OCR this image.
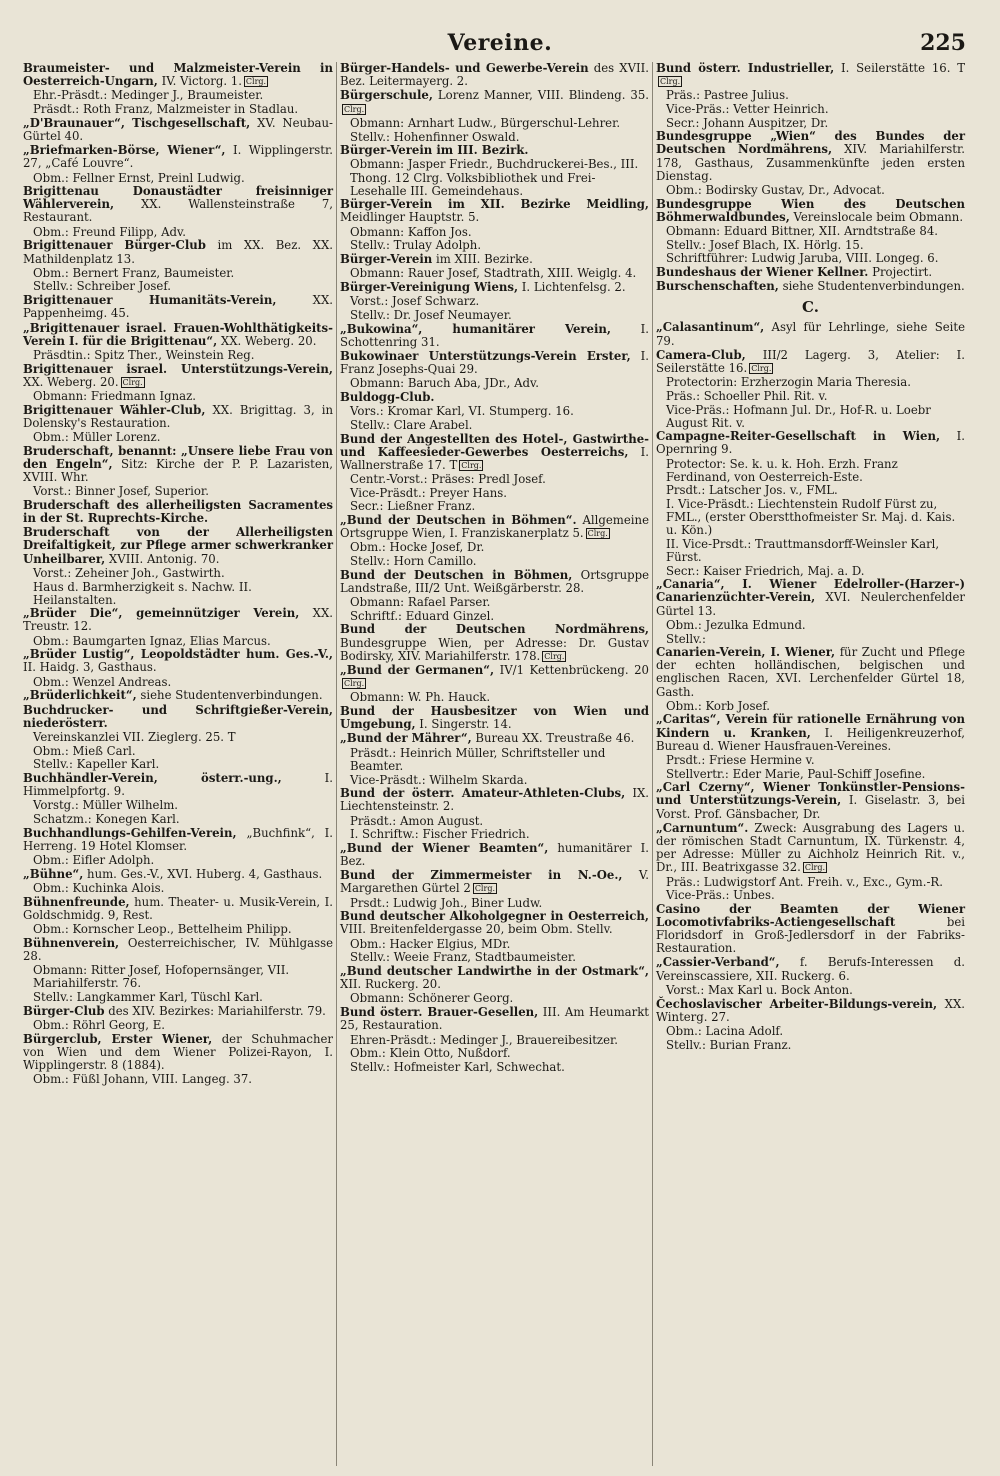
Vereine.	225
Braumeister- und Malzmeister-Verein in Oesterreich-Ungarn, IV. Victorg. 1. Clrg.
Ehr.-Präsdt.: Medinger J., Braumeister.
Präsdt.: Roth Franz, Malzmeister in Stadlau.
„D'Braunauer“, Tischgesellschaft, XV. Neubau-Gürtel 40.
„Briefmarken-Börse, Wiener“, I. Wipplingerstr. 27, „Café Louvre“.
Obm.: Fellner Ernst, Preinl Ludwig.
Brigittenau Donaustädter freisinniger Wählerverein, XX. Wallensteinstraße 7, Restaurant.
Obm.: Freund Filipp, Adv.
Brigittenauer Bürger-Club im XX. Bez. XX. Mathildenplatz 13.
Obm.: Bernert Franz, Baumeister.
Stellv.: Schreiber Josef.
Brigittenauer Humanitäts-Verein, XX. Pappenheimg. 45.
„Brigittenauer israel. Frauen-Wohlthätigkeits-Verein I. für die Brigittenau“, XX. Weberg. 20.
Präsdtin.: Spitz Ther., Weinstein Reg.
Brigittenauer israel. Unterstützungs-Verein, XX. Weberg. 20. Clrg.
Obmann: Friedmann Ignaz.
Brigittenauer Wähler-Club, XX. Brigittag. 3, in Dolensky's Restauration.
Obm.: Müller Lorenz.
Bruderschaft, benannt: „Unsere liebe Frau von den Engeln“, Sitz: Kirche der P. P. Lazaristen, XVIII. Whr.
Vorst.: Binner Josef, Superior.
Bruderschaft des allerheiligsten Sacramentes in der St. Ruprechts-Kirche.
Bruderschaft von der Allerheiligsten Dreifaltigkeit, zur Pflege armer schwerkranker Unheilbarer, XVIII. Antonig. 70.
Vorst.: Zeheiner Joh., Gastwirth.
Haus d. Barmherzigkeit s. Nachw. II. Heilanstalten.
„Brüder Die“, gemeinnütziger Verein, XX. Treustr. 12.
Obm.: Baumgarten Ignaz, Elias Marcus.
„Brüder Lustig“, Leopoldstädter hum. Ges.-V., II. Haidg. 3, Gasthaus.
Obm.: Wenzel Andreas.
„Brüderlichkeit“, siehe Studentenverbindungen.
Buchdrucker- und Schriftgießer-Verein, niederösterr.
Vereinskanzlei VII. Zieglerg. 25. T
Obm.: Mieß Carl.
Stellv.: Kapeller Karl.
Buchhändler-Verein, österr.-ung., I. Himmelpfortg. 9.
Vorstg.: Müller Wilhelm.
Schatzm.: Konegen Karl.
Buchhandlungs-Gehilfen-Verein, „Buchfink“, I. Herreng. 19 Hotel Klomser.
Obm.: Eifler Adolph.
„Bühne“, hum. Ges.-V., XVI. Huberg. 4, Gasthaus.
Obm.: Kuchinka Alois.
Bühnenfreunde, hum. Theater- u. Musik-Verein, I. Goldschmidg. 9, Rest.
Obm.: Kornscher Leop., Bettelheim Philipp.
Bühnenverein, Oesterreichischer, IV. Mühlgasse 28.
Obmann: Ritter Josef, Hofopernsänger, VII. Mariahilferstr. 76.
Stellv.: Langkammer Karl, Tüschl Karl.
Bürger-Club des XIV. Bezirkes: Mariahilferstr. 79.
Obm.: Röhrl Georg, E.
Bürgerclub, Erster Wiener, der Schuhmacher von Wien und dem Wiener Polizei-Rayon, I. Wipplingerstr. 8 (1884).
Obm.: Füßl Johann, VIII. Langeg. 37.
Bürger-Handels- und Gewerbe-Verein des XVII. Bez. Leitermayerg. 2.
Bürgerschule, Lorenz Manner, VIII. Blindeng. 35.Clrg.
Obmann: Arnhart Ludw., Bürgerschul-Lehrer.
Stellv.: Hohenfinner Oswald.
Bürger-Verein im III. Bezirk.
Obmann: Jasper Friedr., Buchdruckerei-Bes., III. Thong. 12 Clrg. Volksbibliothek und Frei-Lesehalle III. Gemeindehaus.
Bürger-Verein im XII. Bezirke Meidling, Meidlinger Hauptstr. 5.
Obmann: Kaffon Jos.
Stellv.: Trulay Adolph.
Bürger-Verein im XIII. Bezirke.
Obmann: Rauer Josef, Stadtrath, XIII. Weiglg. 4.
Bürger-Vereinigung Wiens, I. Lichtenfelsg. 2.
Vorst.: Josef Schwarz.
Stellv.: Dr. Josef Neumayer.
„Bukowina“, humanitärer Verein, I. Schottenring 31.
Bukowinaer Unterstützungs-Verein Erster, I. Franz Josephs-Quai 29.
Obmann: Baruch Aba, JDr., Adv.
Buldogg-Club.
Vors.: Kromar Karl, VI. Stumperg. 16.
Stellv.: Clare Arabel.
Bund der Angestellten des Hotel-, Gastwirthe- und Kaffeesieder-Gewerbes Oesterreichs, I. Wallnerstraße 17. T Clrg.
Centr.-Vorst.: Präses: Predl Josef.
Vice-Präsdt.: Preyer Hans.
Secr.: Ließner Franz.
„Bund der Deutschen in Böhmen“. Allgemeine Ortsgruppe Wien, I. Franziskanerplatz 5. Clrg.
Obm.: Hocke Josef, Dr.
Stellv.: Horn Camillo.
Bund der Deutschen in Böhmen, Ortsgruppe Landstraße, III/2 Unt. Weißgärberstr. 28.
Obmann: Rafael Parser.
Schriftf.: Eduard Ginzel.
Bund der Deutschen Nordmährens, Bundesgruppe Wien, per Adresse: Dr. Gustav Bodirsky, XIV. Mariahilferstr. 178. Clrg.
„Bund der Germanen“, IV/1 Kettenbrückeng. 20Clrg.
Obmann: W. Ph. Hauck.
Bund der Hausbesitzer von Wien und Umgebung, I. Singerstr. 14.
„Bund der Mährer“, Bureau XX. Treustraße 46.
Präsdt.: Heinrich Müller, Schriftsteller und Beamter.
Vice-Präsdt.: Wilhelm Skarda.
Bund der österr. Amateur-Athleten-Clubs, IX. Liechtensteinstr. 2.
Präsdt.: Amon August.
I. Schriftw.: Fischer Friedrich.
„Bund der Wiener Beamten“, humanitärer I. Bez.
Bund der Zimmermeister in N.-Oe., V. Margarethen Gürtel 2 Clrg.
Prsdt.: Ludwig Joh., Biner Ludw.
Bund deutscher Alkoholgegner in Oesterreich, VIII. Breitenfeldergasse 20, beim Obm. Stellv.
Obm.: Hacker Elgius, MDr.
Stellv.: Weeie Franz, Stadtbaumeister.
„Bund deutscher Landwirthe in der Ostmark“, XII. Ruckerg. 20.
Obmann: Schönerer Georg.
Bund österr. Brauer-Gesellen, III. Am Heumarkt 25, Restauration.
Ehren-Präsdt.: Medinger J., Brauereibesitzer.
Obm.: Klein Otto, Nußdorf.
Stellv.: Hofmeister Karl, Schwechat.
Bund österr. Industrieller, I. Seilerstätte 16. TClrg.
Präs.: Pastree Julius.
Vice-Präs.: Vetter Heinrich.
Secr.: Johann Auspitzer, Dr.
Bundesgruppe „Wien“ des Bundes der Deutschen Nordmährens, XIV. Mariahilferstr. 178, Gasthaus, Zusammenkünfte jeden ersten Dienstag.
Obm.: Bodirsky Gustav, Dr., Advocat.
Bundesgruppe Wien des Deutschen Böhmerwaldbundes, Vereinslocale beim Obmann.
Obmann: Eduard Bittner, XII. Arndtstraße 84.
Stellv.: Josef Blach, IX. Hörlg. 15.
Schriftführer: Ludwig Jaruba, VIII. Longeg. 6.
Bundeshaus der Wiener Kellner. Projectirt.
Burschenschaften, siehe Studentenverbindungen.
C.
„Calasantinum“, Asyl für Lehrlinge, siehe Seite 79.
Camera-Club, III/2 Lagerg. 3, Atelier: I. Seilerstätte 16. Clrg.
Protectorin: Erzherzogin Maria Theresia.
Präs.: Schoeller Phil. Rit. v.
Vice-Präs.: Hofmann Jul. Dr., Hof-R. u. Loebr August Rit. v.
Campagne-Reiter-Gesellschaft in Wien, I. Opernring 9.
Protector: Se. k. u. k. Hoh. Erzh. Franz Ferdinand, von Oesterreich-Este.
Prsdt.: Latscher Jos. v., FML.
I. Vice-Präsdt.: Liechtenstein Rudolf Fürst zu, FML., (erster Oberstthofmeister Sr. Maj. d. Kais. u. Kön.)
II. Vice-Prsdt.: Trauttmansdorff-Weinsler Karl, Fürst.
Secr.: Kaiser Friedrich, Maj. a. D.
„Canaria“, I. Wiener Edelroller-(Harzer-) Canarienzüchter-Verein, XVI. Neulerchenfelder Gürtel 13.
Obm.: Jezulka Edmund.
Stellv.:
Canarien-Verein, I. Wiener, für Zucht und Pflege der echten holländischen, belgischen und englischen Racen, XVI. Lerchenfelder Gürtel 18, Gasth.
Obm.: Korb Josef.
„Caritas“, Verein für rationelle Ernährung von Kindern u. Kranken, I. Heiligenkreuzerhof, Bureau d. Wiener Hausfrauen-Vereines.
Prsdt.: Friese Hermine v.
Stellvertr.: Eder Marie, Paul-Schiff Josefine.
„Carl Czerny“, Wiener Tonkünstler-Pensions- und Unterstützungs-Verein, I. Giselastr. 3, bei Vorst. Prof. Gänsbacher, Dr.
„Carnuntum“. Zweck: Ausgrabung des Lagers u. der römischen Stadt Carnuntum, IX. Türkenstr. 4, per Adresse: Müller zu Aichholz Heinrich Rit. v., Dr., III. Beatrixgasse 32. Clrg.
Präs.: Ludwigstorf Ant. Freih. v., Exc., Gym.-R.
Vice-Präs.: Unbes.
Casino der Beamten der Wiener Locomotivfabriks-Actiengesellschaft bei Floridsdorf in Groß-Jedlersdorf in der Fabriks-Restauration.
„Cassier-Verband“, f. Berufs-Interessen d. Vereinscassiere, XII. Ruckerg. 6.
Vorst.: Max Karl u. Bock Anton.
Čechoslavischer Arbeiter-Bildungs-verein, XX. Winterg. 27.
Obm.: Lacina Adolf.
Stellv.: Burian Franz.
